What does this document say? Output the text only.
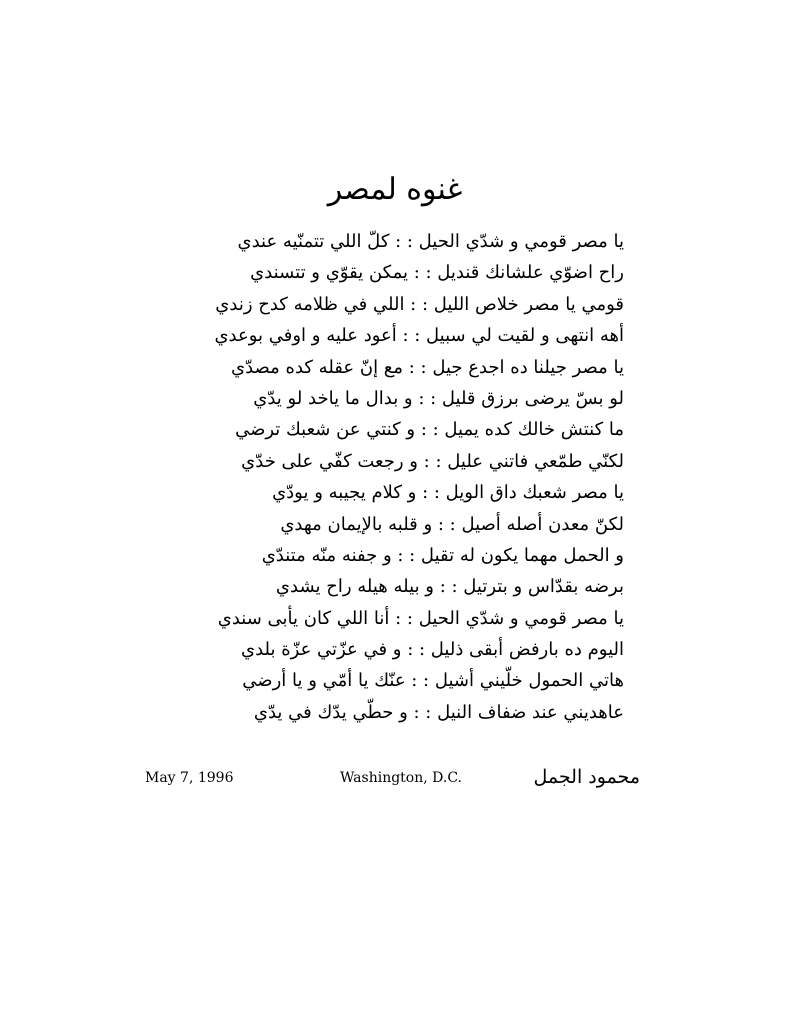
غنوه لمصر
يا مصر قومي و شدّي الحيل : : كلّ اللي تتمنّيه عندي
راح اضوّي علشانك قنديل : : يمكن يقوّي و تتسندي
قومي يا مصر خلاص الليل : : اللي في ظلامه كدح زندي
أهه انتهى و لقيت لي سبيل : : أعود عليه و اوفي بوعدي
يا مصر جيلنا ده اجدع جيل : : مع إنّ عقله كده مصدّي
لو بسّ يرضى برزق قليل : : و بدال ما ياخد لو يدّي
ما كنتش خالك كده يميل : : و كنتي عن شعبك ترضي
لكنّي طمّعي فاتني عليل : : و رجعت كفّي على خدّي
يا مصر شعبك داق الويل : : و كلام يجيبه و يودّي
لكنّ معدن أصله أصيل : : و قلبه بالإيمان مهدي
و الحمل مهما يكون له تقيل : : و جفنه منّه متندّي
برضه بقدّاس و بترتيل : : و بيله هيله راح يشدي
يا مصر قومي و شدّي الحيل : : أنا اللي كان يأبى سندي
اليوم ده بارفض أبقى ذليل : : و في عزّتي عزّة بلدي
هاتي الحمول خلّيني أشيل : : عنّك يا أمّي و يا أرضي
عاهديني عند ضفاف النيل : : و حطّي يدّك في يدّي
May 7, 1996	Washington, D.C.	محمود الجمل
